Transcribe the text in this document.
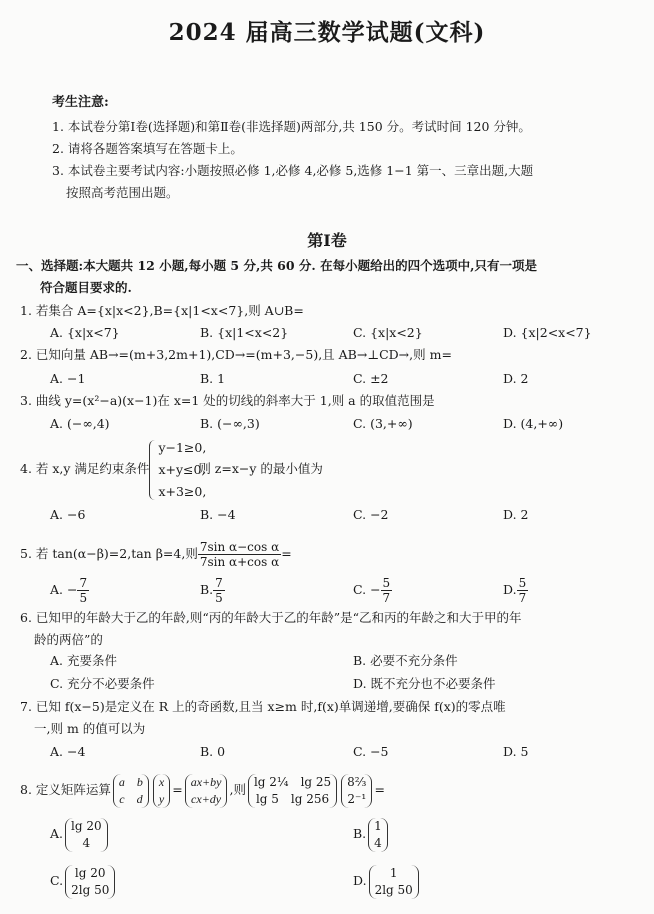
2024 届高三数学试题(文科)
考生注意:
1. 本试卷分第Ⅰ卷(选择题)和第Ⅱ卷(非选择题)两部分,共 150 分。考试时间 120 分钟。
2. 请将各题答案填写在答题卡上。
3. 本试卷主要考试内容:小题按照必修 1,必修 4,必修 5,选修 1−1 第一、三章出题,大题
按照高考范围出题。
第Ⅰ卷
一、选择题:本大题共 12 小题,每小题 5 分,共 60 分. 在每小题给出的四个选项中,只有一项是
符合题目要求的.
1. 若集合 A={x|x<2},B={x|1<x<7},则 A∪B=
A. {x|x<7}	B. {x|1<x<2}	C. {x|x<2}	D. {x|2<x<7}
2. 已知向量 AB→=(m+3,2m+1),CD→=(m+3,−5),且 AB→⊥CD→,则 m=
A. −1	B. 1	C. ±2	D. 2
3. 曲线 y=(x²−a)(x−1)在 x=1 处的切线的斜率大于 1,则 a 的取值范围是
A. (−∞,4)	B. (−∞,3)	C. (3,+∞)	D. (4,+∞)
4. 若 x,y 满足约束条件
y−1≥0,
x+y≤0,
x+3≥0,
则 z=x−y 的最小值为
A. −6	B. −4	C. −2	D. 2
5. 若 tan(α−β)=2,tan β=4,则 $\frac{\text{7sin α−cos α}}{\text{7sin α+cos α}}$ =
A. − $\frac{7}{5}$	B. $\frac{7}{5}$	C. − $\frac{5}{7}$	D. $\frac{5}{7}$
6. 已知甲的年龄大于乙的年龄,则“丙的年龄大于乙的年龄”是“乙和丙的年龄之和大于甲的年
龄的两倍”的
A. 充要条件	B. 必要不充分条件
C. 充分不必要条件	D. 既不充分也不必要条件
7. 已知 f(x−5)是定义在 R 上的奇函数,且当 x≥m 时,f(x)单调递增,要确保 f(x)的零点唯
一,则 m 的值可以为
A. −4	B. 0	C. −5	D. 5
8. 定义矩阵运算
a b
c d
x
y
=
ax+by
cx+dy
,则
lg 2¼ lg 25
lg 5 lg 256
8⅔
2⁻¹
=
A.
lg 20
4
B.
1
4
C.
lg 20
2lg 50
D.
1
2lg 50
